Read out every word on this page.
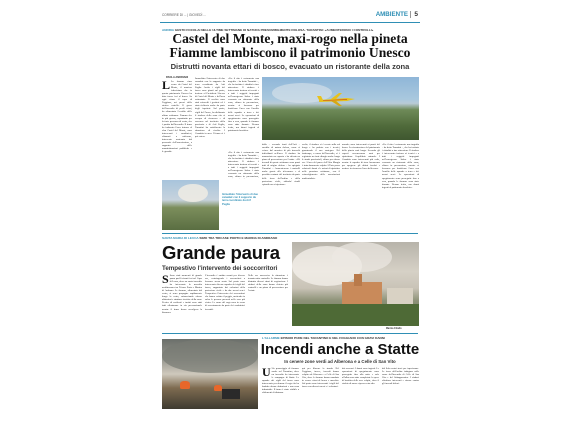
CORRIERE DI ... | GIOVEDÌ ...	AMBIENTE 5
ANDRIA GESTO FOCOLAI NELLE ULTIME SETTIMANE DI NATURA PRESUMIBILMENTE DOLOSA. TARANTINI: «AUMENTERONO I CONTROLLI»
Castel del Monte, maxi-rogo nella pineta
Fiamme lambiscono il patrimonio Unesco
Distrutti novanta ettari di bosco, evacuato un ristorante della zona
PAOLA ANDRIANI
L La fiamme rimo venne da Castel del Monte, il maniero federiciano che in questa patrimonio Unesco ha dato fuoco ieri al bosco. Su ogni ettaro il capo di Foggiano, nei pressi dello storico castello. Il grave dell'incendio di pochi ettari, ha alimentato l'eccidio delle ultime settimane. Fiamme che in più grosso, soprattutto per la forte presenza di vento, che è partito dall'incendio. Il fumo ha inalazato l'area intorno al clan Castel del Monte, sono intervenuti i carabinieri, chiamati a soffocare, intervento sostenuto dal personale dell'associazione, a supporto delle amministrazioni pubbliche e le guardie.
Immediato l'intervento di due canadair con la supporto da terra coordinato da Arif Puglia. Anche i vigili del fuoco sono giunti sul posto, insieme al Presidente Unesco di Castel del Monte e dell'area sottostante. Il cerchio sono stati coinvolti i genitori ed è stato richiesto anche da parte degli ispettori. Sul posto, vigili del Fuoco, ha dichiarato il sindaco della zona che si occupa di sicurezza e di soccorso nel territorio della provincia e di Arif Puglia, Tarantini ha sottolineato la situazione di rischio. I Canadair in area. Il fumo si è poi esteso.
«Per il sito è certamente una tragedia – ha detto Tarantini –, che ha invitato i cittadini a fare attenzione. Il sindaco è intervenuto insieme ai tecnici e a tutti i soggetti impegnati nell'emergenza. Infine è stato evacuato un ristorante della zona, chiuso in precauzione, mentre si lavorava per bonificare l'area con l'ausilio delle squadre a terra e dei mezzi aerei. Le operazioni di spegnimento sono proseguite fino a sera, quando le fiamme sono state domate. Nessun ferito, ma danni ingenti al patrimonio boschivo.
Immediato l'intervento di due canadair con il supporto da terra coordinato da Arif Puglia
«Per il sito è certamente una tragedia – ha detto Tarantini –, che ha invitato i cittadini a fare attenzione. Il sindaco è intervenuto insieme ai tecnici e a tutti i soggetti impegnati nell'emergenza. Infine è stato evacuato un ristorante della zona, chiuso in precauzione,
dalla – secondo fonti dell'Arif – sarebbe di natura dolosa, come si evince dal mosaico di più inneschi individuati nell'area. Il sindaco ha annunciato un esposto e ha chiesto un piano di prevenzione per l'estate. «Gli incendi di queste settimane sono quasi tutti di origine dolosa – ha spiegato Tarantini –. Aumenteremo i controlli anche grazie alle telecamere e al presidio costante del territorio da parte delle forze dell'ordine e della protezione civile, affinché simili episodi non si ripetano».
scelte; il sindaco si è recato sulla sul luogo e ha parlato con i tecnici, garantendo il suo sostegno. Nel frattempo, a causa dell'incendio, si è registrato un forte disagio anche lungo le strade provinciali, chiuse per alcune ore. L'area del parco dell'Alta Murgia è stata duramente colpita. L'Ente parco valuterà i danni e le azioni di ripristino nelle prossime settimane, con il coinvolgimento delle associazioni ambientaliste.
mondo; sono intervenuti ai pareti del bosco. La ricostruzione del patrimonio della pineta sarà lunga. Secondo gli esperti occorreranno anni per ripristinare l'equilibrio naturale. I Canadair sono intervenuti più volte, mentre le squadre di terra lavoravano per spegnere gli ultimi focolai e mettere in sicurezza l'area della zona.
«Per il sito è certamente una tragedia – ha detto Tarantini –, che ha invitato i cittadini a fare attenzione. Il sindaco è intervenuto insieme ai tecnici e a tutti i soggetti impegnati nell'emergenza. Infine è stato evacuato un ristorante della zona, chiuso in precauzione, mentre si lavorava per bonificare l'area con l'ausilio delle squadre a terra e dei mezzi aerei. Le operazioni di spegnimento sono proseguite fino a sera, quando le fiamme sono state domate. Nessun ferito, ma danni ingenti al patrimonio boschivo.
SANTA MARIA DI LEUCA SIMO TRA TRICASE PORTO E MARINA DI ANDRANO
Grande paura
Tempestivo l'intervento dei soccorritori
S Sono stati momenti di grande paura quelli vissuti ieri nel Capo di Leuca, dove un vasto incendio ha interessato la macchia mediterranea tra Tricase Porto e Marina di Andrano. Le fiamme, alimentate dal vento, si sono propagate rapidamente lungo la costa, minacciando alcune abitazioni e strutture ricettive della zona. Decine di residenti e turisti sono stati fatti allontanare in via precauzionale mentre il fumo denso avvolgeva la litoranea.
L'incendio è andato avanti per diverse ore, costringendo i soccorritori a lavorare senza sosta. Sul posto sono intervenute diverse squadre dei vigili del fuoco, supportate dai volontari della protezione civile e da due mezzi aerei. Tempestivo l'intervento dei soccorritori che hanno evitato il peggio, mettendo in salvo le persone presenti nelle case più vicine. Le cause del rogo sono in corso di accertamento da parte dei carabinieri forestali.
Nelle ore successive la situazione è tornata sotto controllo. Le fiamme hanno distrutto diversi ettari di vegetazione. I sindaci della zona hanno chiesto più controlli e un piano di prevenzione per l'estate.
Marina Chiello
L'ALLARME EPISODI PURE NEL TARANTINO E NEL FOGGIANO CON GRAVI DANNI
Incendi anche a Statte
In cenere zone verdi ad Alberona e a Celle di San Vito
U Un pomeriggio di fiamme anche nel Tarantino, dove un incendio ha interessato le campagne di Statte. Le squadre dei vigili del fuoco sono intervenute per domare il rogo che ha lambito alcune abitazioni e una zona industriale. Il fumo è stato visibile a chilometri di distanza.
qui per liberare la strada. Nel Foggiano, invece, incendi hanno colpito ad Alberona e a Celle di San Vito, dove le fiamme hanno mandato in cenere ettari di bosco e macchia. Sul posto sono intervenuti i vigili del fuoco con diversi mezzi e i volontari.
dai soccorsi. I danni sono ingenti. Le operazioni di spegnimento sono proseguite fino alla notte e solo all'alba sono state completate le opere di bonifica delle aree colpite, dove il rischio di nuove riprese resta alto.
dal Sole-ventri trovi per ispezionare. Le forze dell'ordine indagano sulle cause dell'incendio di Celle di San Vito e del Subappennino. I sindaci chiedono interventi e risorse contro gli incendi dolosi.
